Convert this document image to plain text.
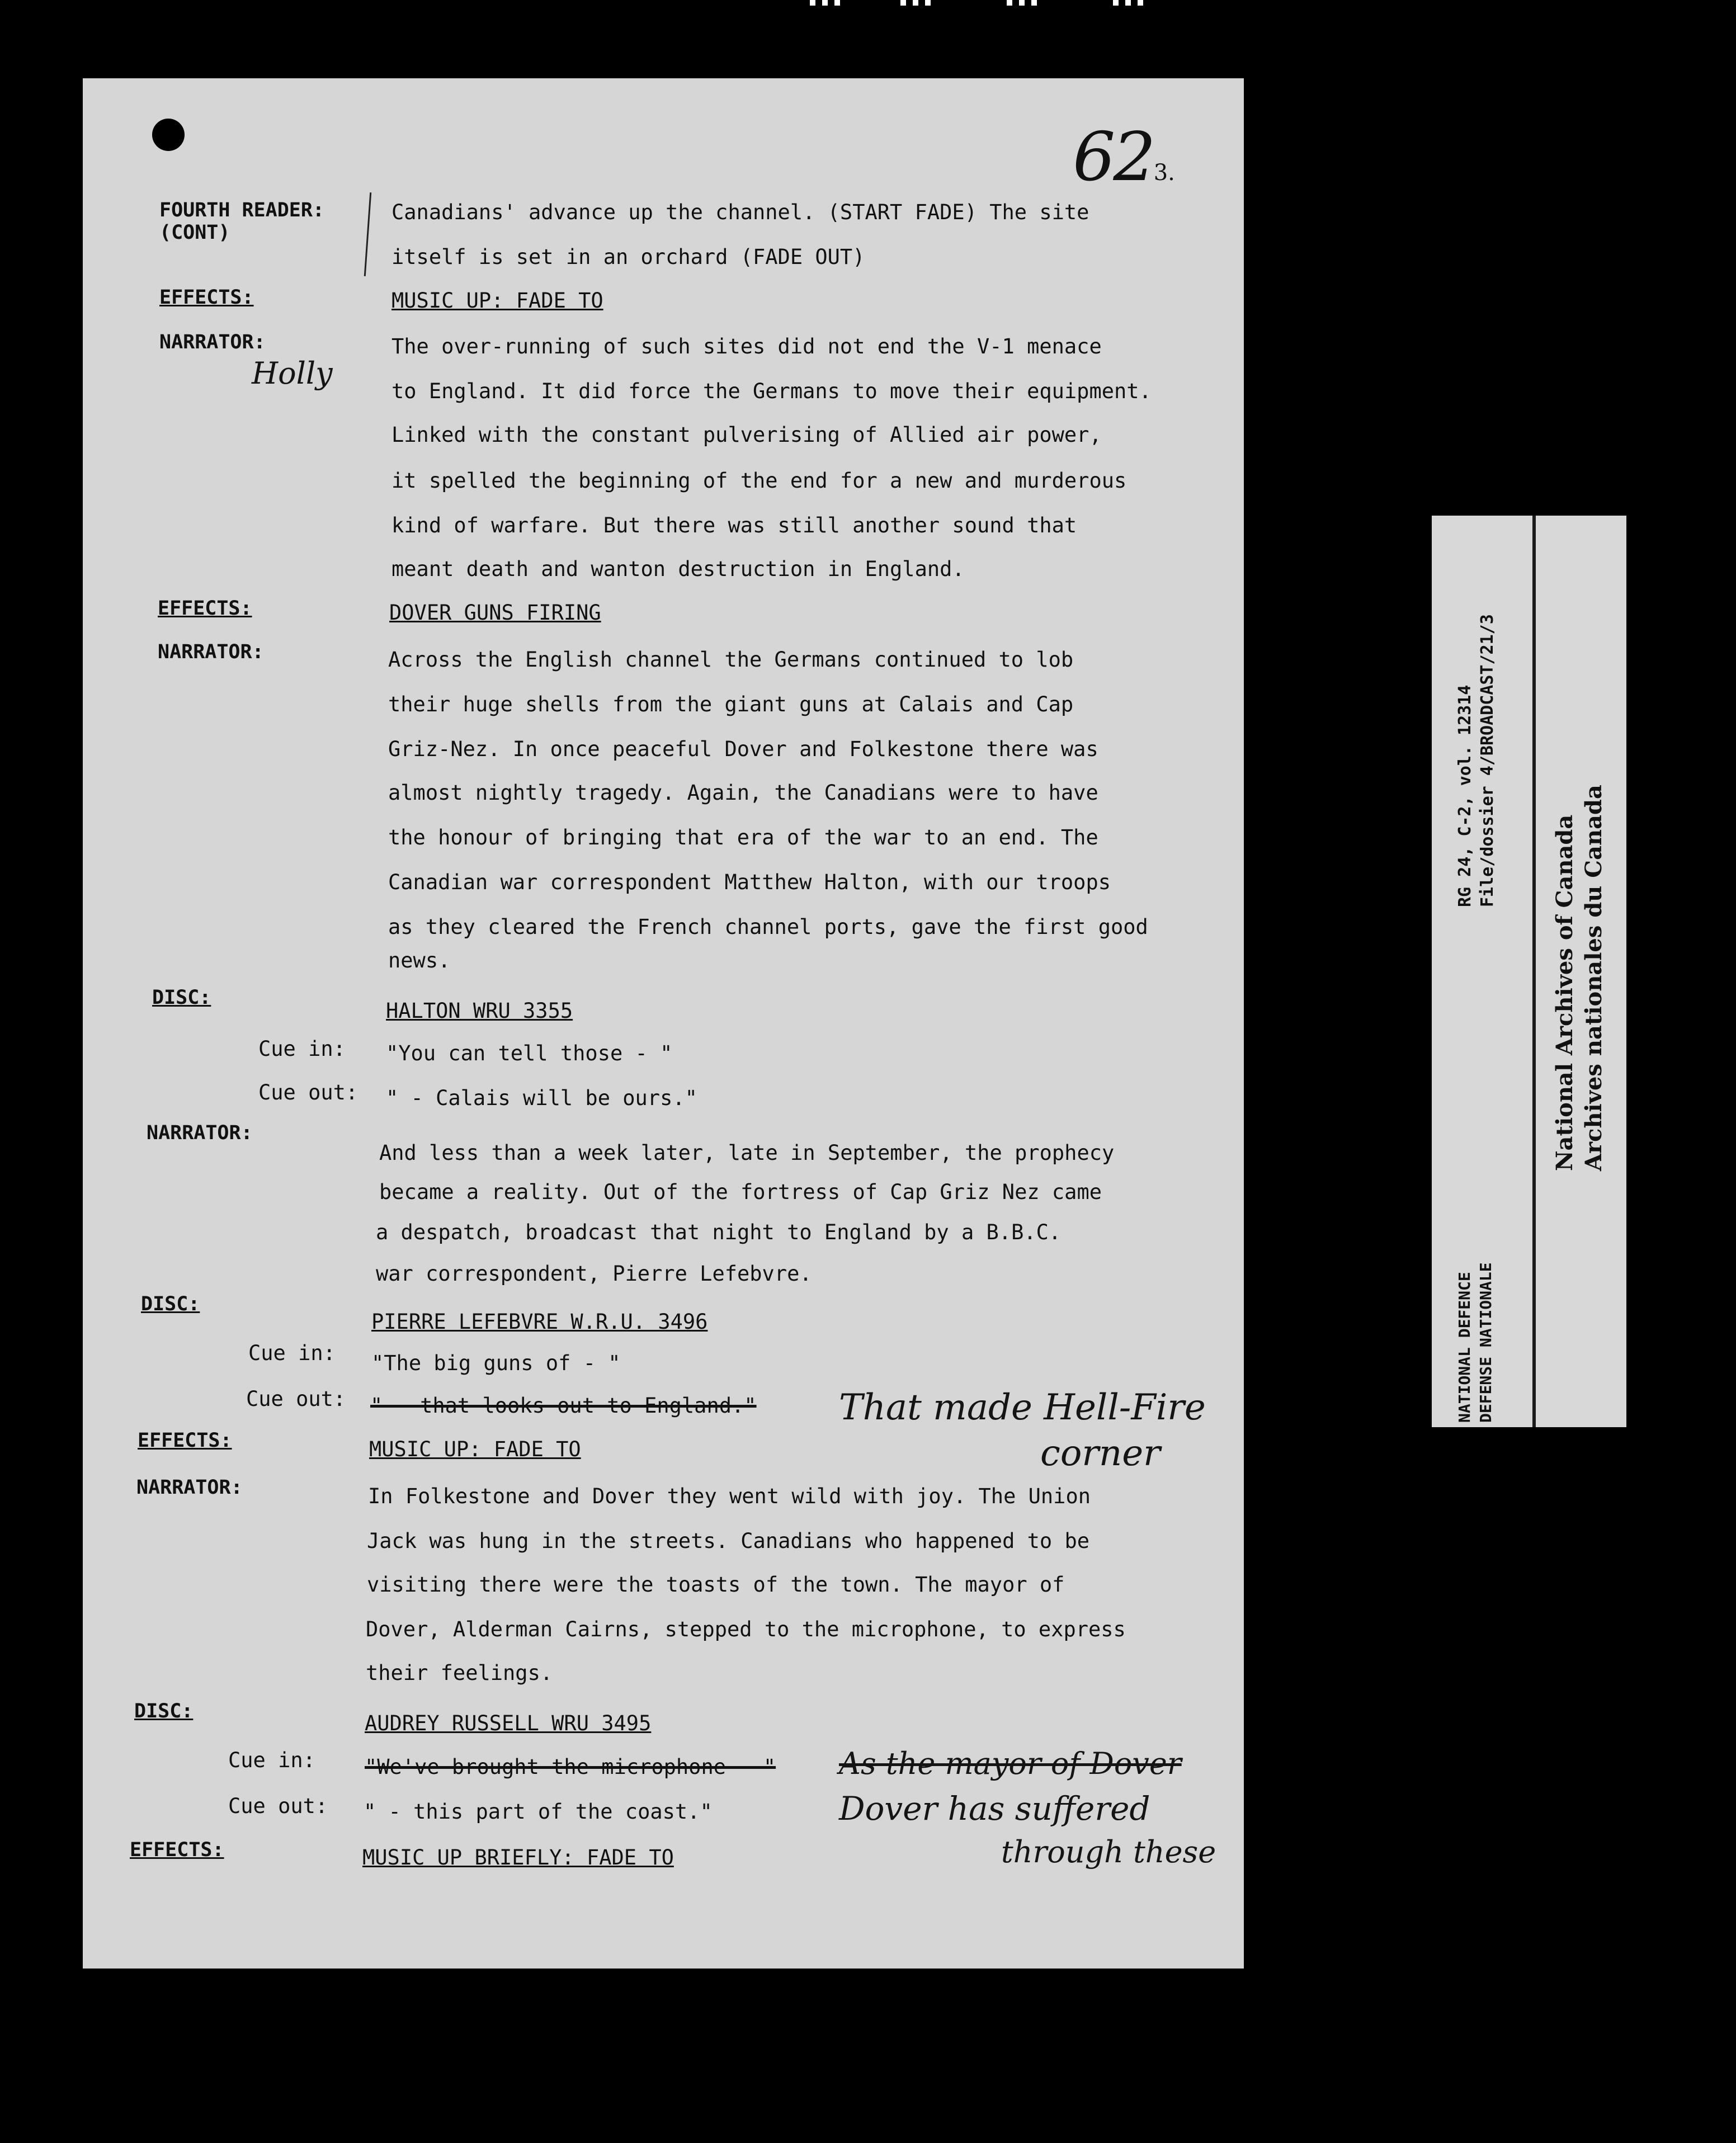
623.
FOURTH READER:
(CONT)
Canadians' advance up the channel. (START FADE) The site
itself is set in an orchard (FADE OUT)
EFFECTS:	MUSIC UP: FADE TO
NARRATOR:
Holly
The over-running of such sites did not end the V-1 menace
to England. It did force the Germans to move their equipment.
Linked with the constant pulverising of Allied air power,
it spelled the beginning of the end for a new and murderous
kind of warfare. But there was still another sound that
meant death and wanton destruction in England.
EFFECTS:	DOVER GUNS FIRING
NARRATOR:	Across the English channel the Germans continued to lob
their huge shells from the giant guns at Calais and Cap
Griz-Nez. In once peaceful Dover and Folkestone there was
almost nightly tragedy. Again, the Canadians were to have
the honour of bringing that era of the war to an end. The
Canadian war correspondent Matthew Halton, with our troops
as they cleared the French channel ports, gave the first good
news.
DISC:
HALTON WRU 3355
Cue in: "You can tell those - "
Cue out: " - Calais will be ours."
NARRATOR:
And less than a week later, late in September, the prophecy
became a reality. Out of the fortress of Cap Griz Nez came
a despatch, broadcast that night to England by a B.B.C.
war correspondent, Pierre Lefebvre.
DISC:
PIERRE LEFEBVRE W.R.U. 3496
Cue in: "The big guns of - "
Cue out: " - that looks out to England." That made Hell-Fire
corner
EFFECTS:	MUSIC UP: FADE TO
NARRATOR:	In Folkestone and Dover they went wild with joy. The Union
Jack was hung in the streets. Canadians who happened to be
visiting there were the toasts of the town. The mayor of
Dover, Alderman Cairns, stepped to the microphone, to express
their feelings.
DISC:	AUDREY RUSSELL WRU 3495
Cue in: "We've brought the microphone - " As the mayor of Dover
Cue out: " - this part of the coast."	Dover has suffered
through these
EFFECTS:	MUSIC UP BRIEFLY: FADE TO
RG 24, C-2, vol. 12314 File/dossier 4/BROADCAST/21/3
NATIONAL DEFENCE DEFENSE NATIONALE
National Archives of Canada Archives nationales du Canada
